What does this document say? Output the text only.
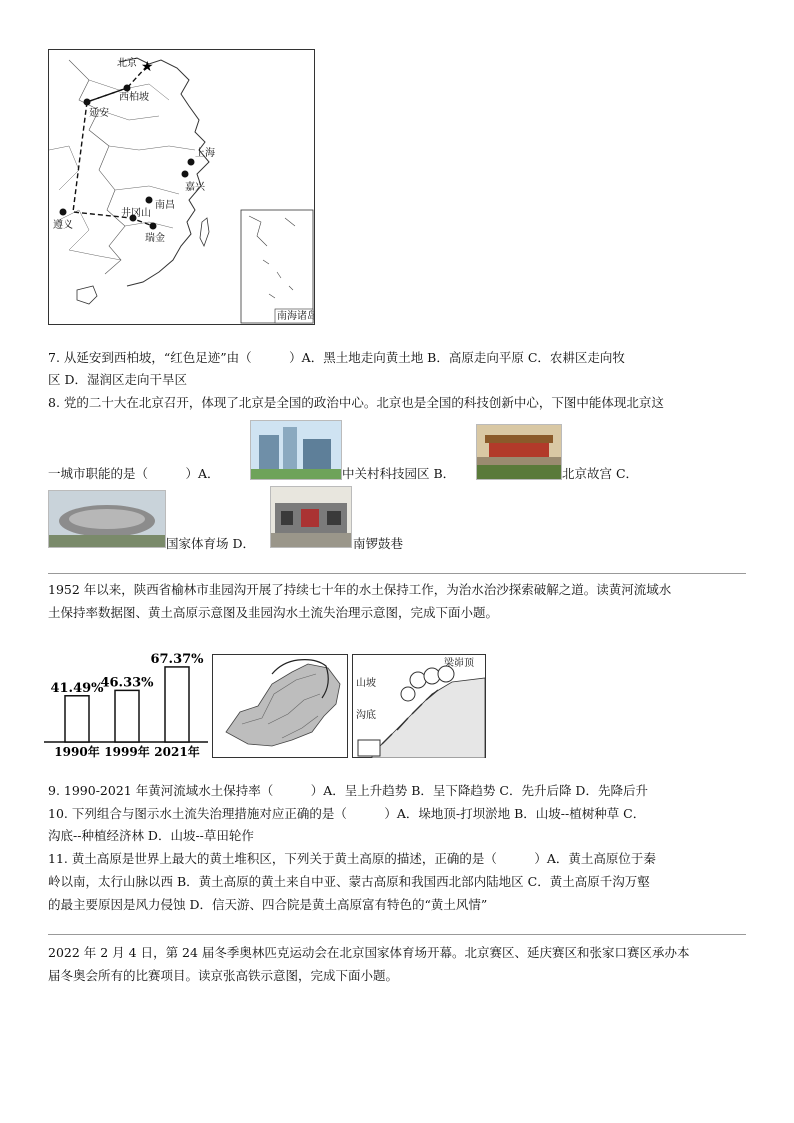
★
北京
西柏坡
延安
上海
嘉兴
南昌
井冈山
瑞金
遵义
南海诸岛
7. 从延安到西柏坡，“红色足迹”由（　　　）A．黑土地走向黄土地 B．高原走向平原 C．农耕区走向牧
区 D．湿润区走向干旱区
8. 党的二十大在北京召开，体现了北京是全国的政治中心。北京也是全国的科技创新中心，下图中能体现北京这
一城市职能的是（　　　）A．	中关村科技园区 B．	北京故宫 C．
国家体育场 D．	南锣鼓巷
1952 年以来，陕西省榆林市韭园沟开展了持续七十年的水土保持工作，为治水治沙探索破解之道。读黄河流域水
土保持率数据图、黄土高原示意图及韭园沟水土流失治理示意图，完成下面小题。
41.49%
1990年
46.33%
1999年
67.37%
2021年
梁峁顶
山坡
沟底
9. 1990-2021 年黄河流域水土保持率（　　　）A．呈上升趋势 B．呈下降趋势 C．先升后降 D．先降后升
10. 下列组合与图示水土流失治理措施对应正确的是（　　　）A．垛地顶-打坝淤地 B．山坡--植树种草 C．
沟底--种植经济林 D．山坡--草田轮作
11. 黄土高原是世界上最大的黄土堆积区，下列关于黄土高原的描述，正确的是（　　　）A．黄土高原位于秦
岭以南，太行山脉以西 B．黄土高原的黄土来自中亚、蒙古高原和我国西北部内陆地区 C．黄土高原千沟万壑
的最主要原因是风力侵蚀 D．信天游、四合院是黄土高原富有特色的“黄土风情”
2022 年 2 月 4 日，第 24 届冬季奥林匹克运动会在北京国家体育场开幕。北京赛区、延庆赛区和张家口赛区承办本
届冬奥会所有的比赛项目。读京张高铁示意图，完成下面小题。
